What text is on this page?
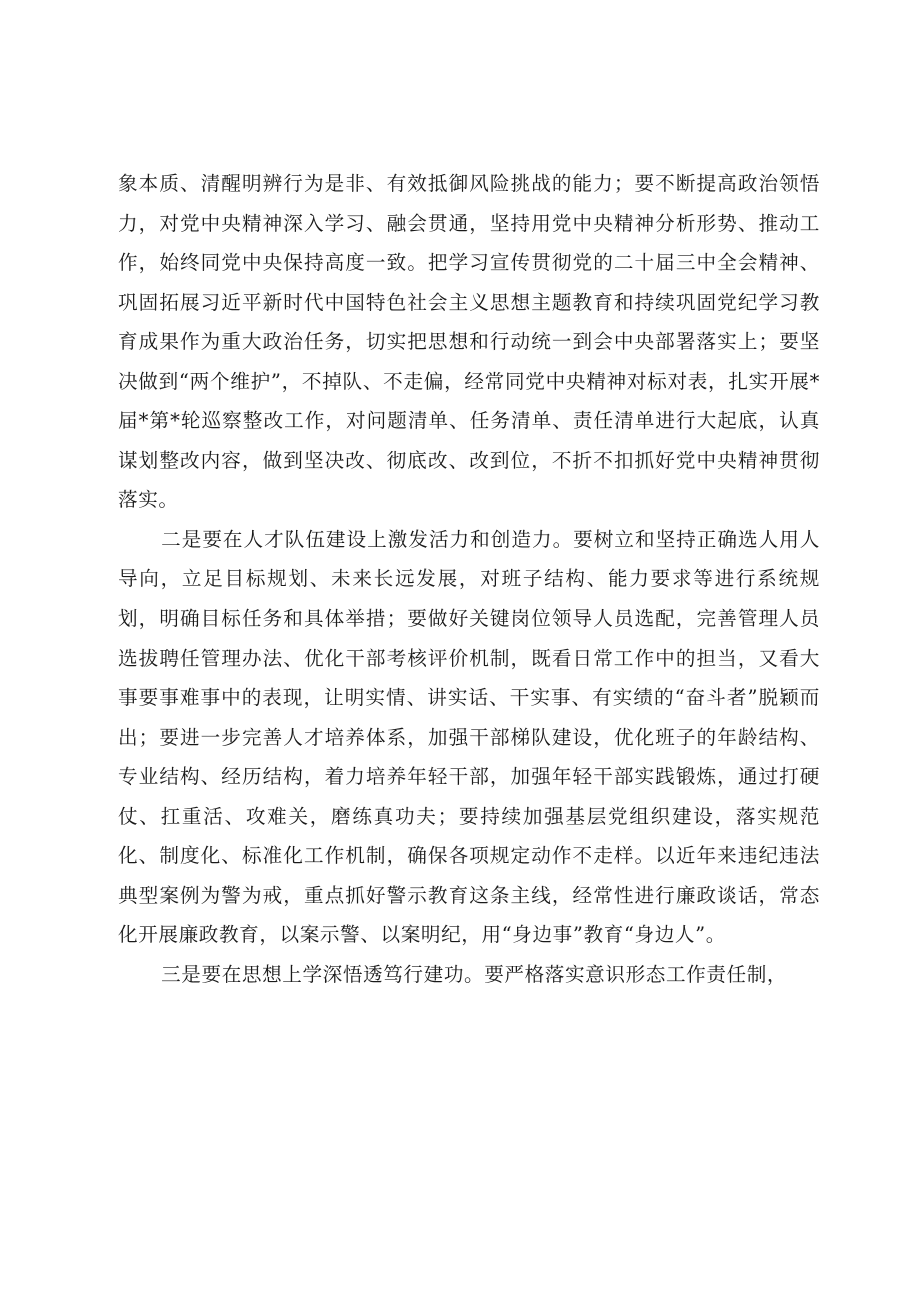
象本质、清醒明辨行为是非、有效抵御风险挑战的能力；要不断提高政治领悟力，对党中央精神深入学习、融会贯通，坚持用党中央精神分析形势、推动工作，始终同党中央保持高度一致。把学习宣传贯彻党的二十届三中全会精神、巩固拓展习近平新时代中国特色社会主义思想主题教育和持续巩固党纪学习教育成果作为重大政治任务，切实把思想和行动统一到会中央部署落实上；要坚决做到“两个维护”，不掉队、不走偏，经常同党中央精神对标对表，扎实开展*届*第*轮巡察整改工作，对问题清单、任务清单、责任清单进行大起底，认真谋划整改内容，做到坚决改、彻底改、改到位，不折不扣抓好党中央精神贯彻落实。

二是要在人才队伍建设上激发活力和创造力。要树立和坚持正确选人用人导向，立足目标规划、未来长远发展，对班子结构、能力要求等进行系统规划，明确目标任务和具体举措；要做好关键岗位领导人员选配，完善管理人员选拔聘任管理办法、优化干部考核评价机制，既看日常工作中的担当，又看大事要事难事中的表现，让明实情、讲实话、干实事、有实绩的“奋斗者”脱颖而出；要进一步完善人才培养体系，加强干部梯队建设，优化班子的年龄结构、专业结构、经历结构，着力培养年轻干部，加强年轻干部实践锻炼，通过打硬仗、扛重活、攻难关，磨练真功夫；要持续加强基层党组织建设，落实规范化、制度化、标准化工作机制，确保各项规定动作不走样。以近年来违纪违法典型案例为警为戒，重点抓好警示教育这条主线，经常性进行廉政谈话，常态化开展廉政教育，以案示警、以案明纪，用“身边事”教育“身边人”。

三是要在思想上学深悟透笃行建功。要严格落实意识形态工作责任制，
